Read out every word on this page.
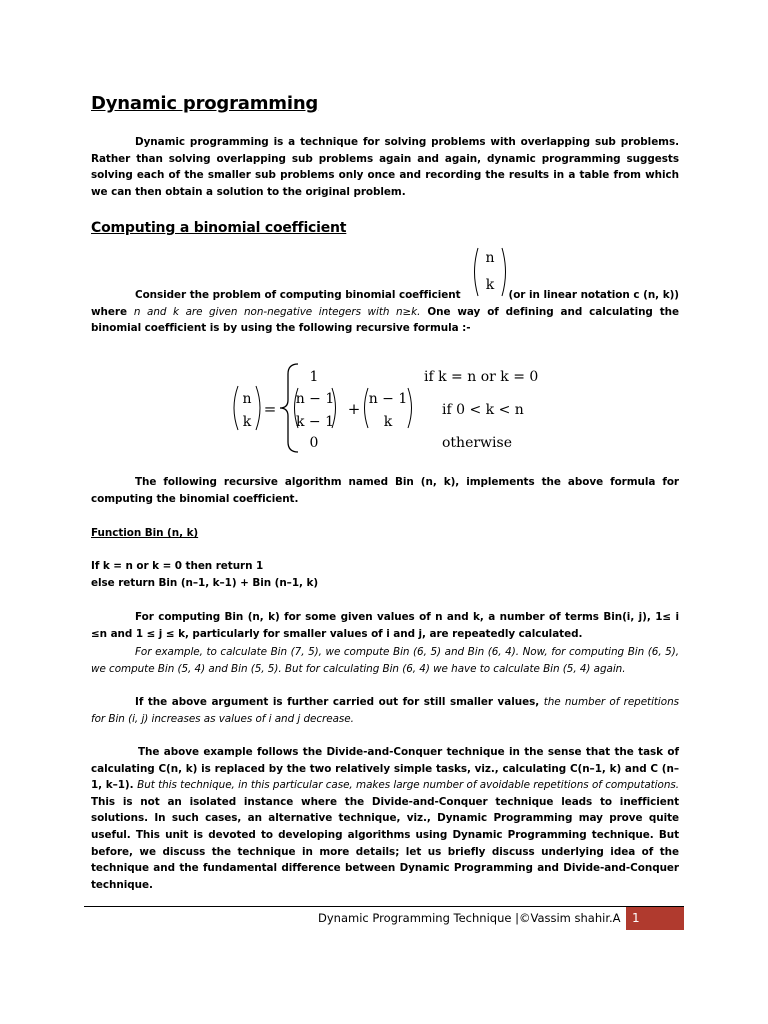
Dynamic programming

Dynamic programming is a technique for solving problems with overlapping sub problems. Rather than solving overlapping sub problems again and again, dynamic programming suggests solving each of the smaller sub problems only once and recording the results in a table from which we can then obtain a solution to the original problem.

Computing a binomial coefficient
n
k

Consider the problem of computing binomial coefficient	(or in linear notation c (n, k)) where n and k are given non-negative integers with n≥k. One way of defining and calculating the binomial coefficient is by using the following recursive formula :-

n
k
=
1	if k = n or k = 0
n − 1
k − 1
+
n − 1
k
if 0 < k < n
0	otherwise

The following recursive algorithm named Bin (n, k), implements the above formula for computing the binomial coefficient.

Function Bin (n, k)

If k = n or k = 0 then return 1

else return Bin (n–1, k–1) + Bin (n–1, k)

For computing Bin (n, k) for some given values of n and k, a number of terms Bin(i, j), 1≤ i ≤n and 1 ≤ j ≤ k, particularly for smaller values of i and j, are repeatedly calculated.

For example, to calculate Bin (7, 5), we compute Bin (6, 5) and Bin (6, 4). Now, for computing Bin (6, 5), we compute Bin (5, 4) and Bin (5, 5). But for calculating Bin (6, 4) we have to calculate Bin (5, 4) again.

If the above argument is further carried out for still smaller values, the number of repetitions for Bin (i, j) increases as values of i and j decrease.

The above example follows the Divide-and-Conquer technique in the sense that the task of calculating C(n, k) is replaced by the two relatively simple tasks, viz., calculating C(n–1, k) and C (n–1, k–1). But this technique, in this particular case, makes large number of avoidable repetitions of computations. This is not an isolated instance where the Divide-and-Conquer technique leads to inefficient solutions. In such cases, an alternative technique, viz., Dynamic Programming may prove quite useful. This unit is devoted to developing algorithms using Dynamic Programming technique. But before, we discuss the technique in more details; let us briefly discuss underlying idea of the technique and the fundamental difference between Dynamic Programming and Divide-and-Conquer technique.

Dynamic Programming Technique |©Vassim shahir.A 1
